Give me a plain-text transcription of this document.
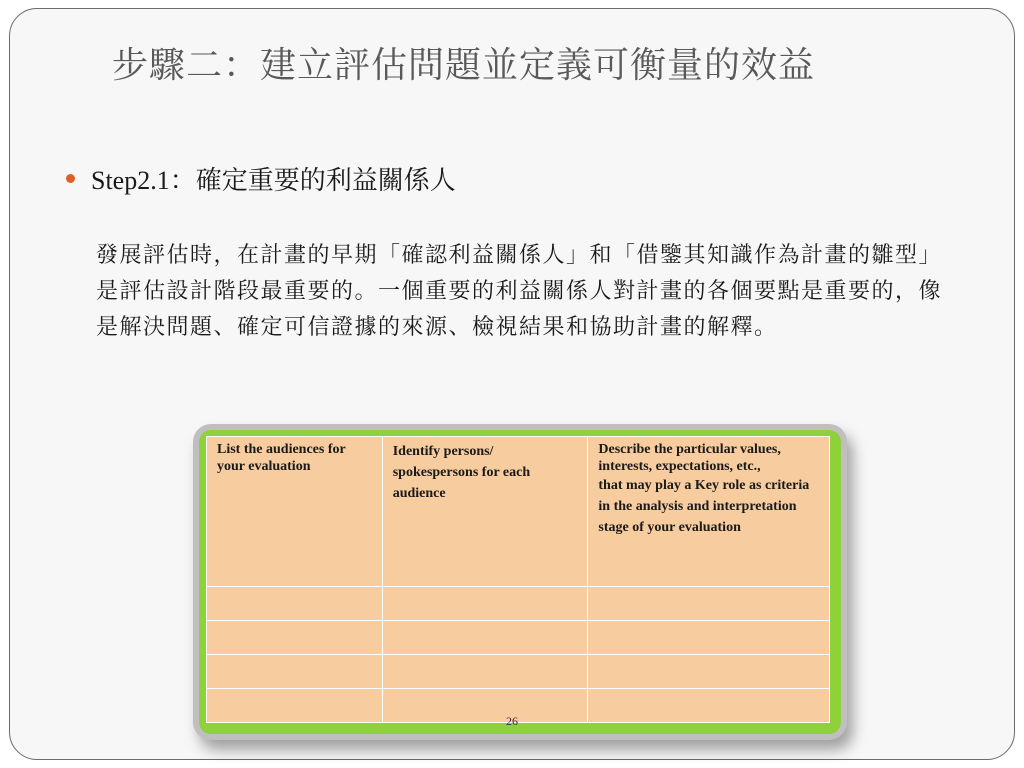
步驟二：建立評估問題並定義可衡量的效益
Step2.1：確定重要的利益關係人

發展評估時，在計畫的早期「確認利益關係人」和「借鑒其知識作為計畫的雛型」是評估設計階段最重要的。一個重要的利益關係人對計畫的各個要點是重要的，像是解決問題、確定可信證據的來源、檢視結果和協助計畫的解釋。

List the audiences for your evaluation	Identify persons/ spokespersons for each audience	Describe the particular values, interests, expectations, etc.,
that may play a Key role as criteria in the analysis and interpretation stage of your evaluation

26
